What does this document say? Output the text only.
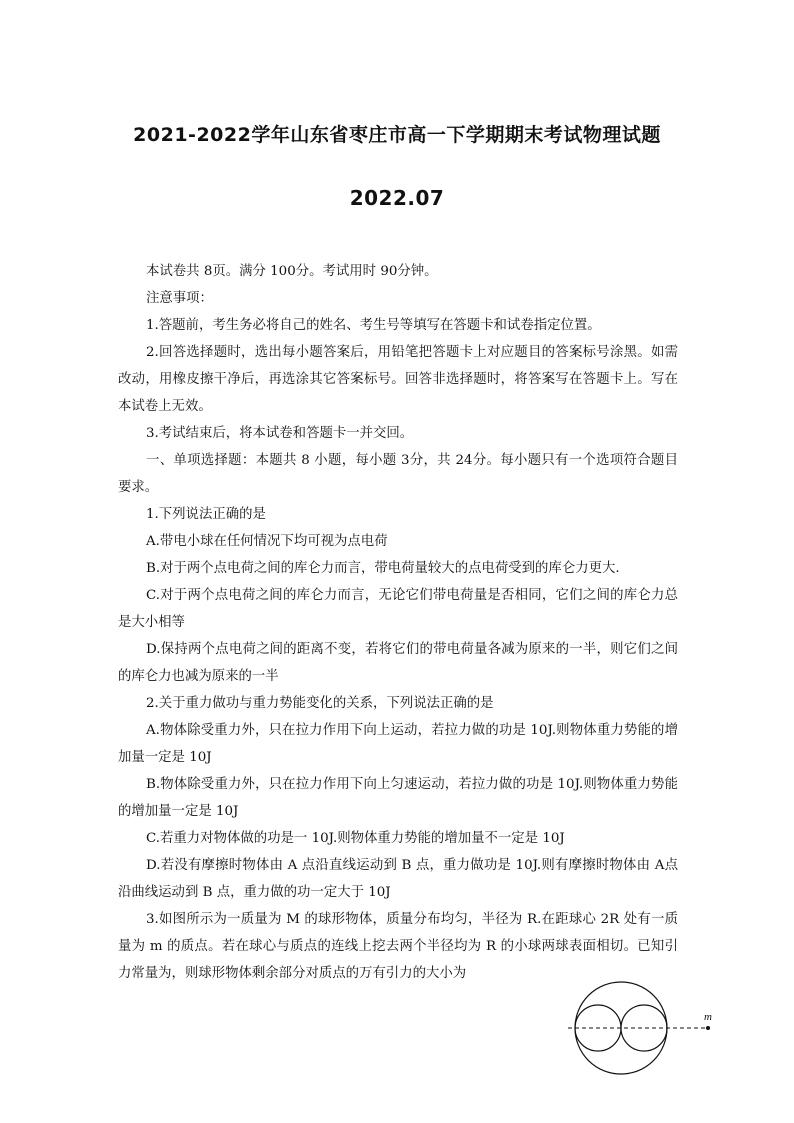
2021-2022学年山东省枣庄市高一下学期期末考试物理试题
2022.07

本试卷共 8页。满分 100分。考试用时 90分钟。

注意事项：

1.答题前，考生务必将自己的姓名、考生号等填写在答题卡和试卷指定位置。

2.回答选择题时，选出每小题答案后，用铅笔把答题卡上对应题目的答案标号涂黑。如需改动，用橡皮擦干净后，再选涂其它答案标号。回答非选择题时，将答案写在答题卡上。写在本试卷上无效。

3.考试结束后，将本试卷和答题卡一并交回。

一、单项选择题：本题共 8 小题，每小题 3分，共 24分。每小题只有一个选项符合题目要求。

1.下列说法正确的是

A.带电小球在任何情况下均可视为点电荷

B.对于两个点电荷之间的库仑力而言，带电荷量较大的点电荷受到的库仑力更大.

C.对于两个点电荷之间的库仑力而言，无论它们带电荷量是否相同，它们之间的库仑力总是大小相等

D.保持两个点电荷之间的距离不变，若将它们的带电荷量各减为原来的一半，则它们之间的库仑力也减为原来的一半

2.关于重力做功与重力势能变化的关系，下列说法正确的是

A.物体除受重力外，只在拉力作用下向上运动，若拉力做的功是 10J.则物体重力势能的增加量一定是 10J

B.物体除受重力外，只在拉力作用下向上匀速运动，若拉力做的功是 10J.则物体重力势能的增加量一定是 10J

C.若重力对物体做的功是一 10J.则物体重力势能的增加量不一定是 10J

D.若没有摩擦时物体由 A 点沿直线运动到 B 点，重力做功是 10J.则有摩擦时物体由 A点沿曲线运动到 B 点，重力做的功一定大于 10J

3.如图所示为一质量为 M 的球形物体，质量分布均匀，半径为 R.在距球心 2R 处有一质量为 m 的质点。若在球心与质点的连线上挖去两个半径均为 R 的小球两球表面相切。已知引力常量为，则球形物体剩余部分对质点的万有引力的大小为

m
